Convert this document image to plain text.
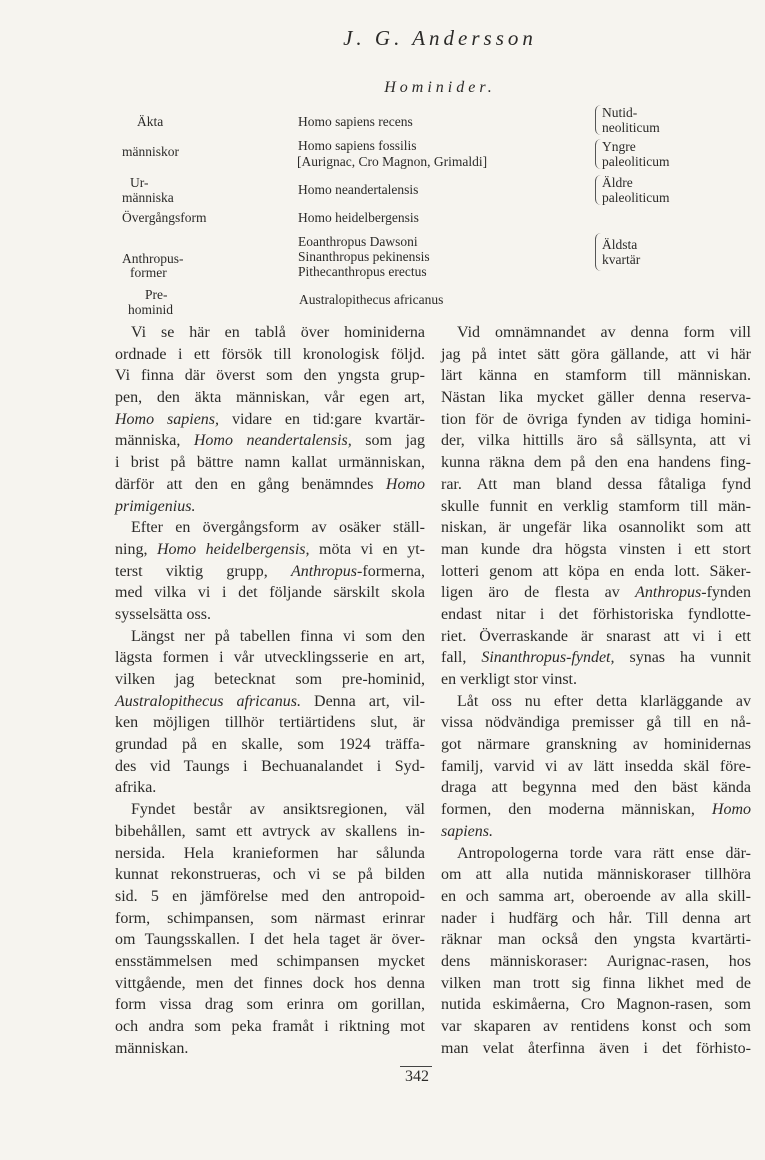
J. G. Andersson
Hominider.
Äkta
människor
Ur-
människa
Övergångsform
Anthropus-
former
Pre-
hominid
Homo sapiens recens
Homo sapiens fossilis
[Aurignac, Cro Magnon, Grimaldi]
Homo neandertalensis
Homo heidelbergensis
Eoanthropus Dawsoni
Sinanthropus pekinensis
Pithecanthropus erectus
Australopithecus africanus
Nutid-
neoliticum
Yngre
paleoliticum
Äldre
paleoliticum
Äldsta
kvartär
Vi se här en tablå över hominiderna
ordnade i ett försök till kronologisk följd.
Vi finna där överst som den yngsta grup-
pen, den äkta människan, vår egen art,
Homo sapiens, vidare en tid:gare kvartär-
människa, Homo neandertalensis, som jag
i brist på bättre namn kallat urmänniskan,
därför att den en gång benämndes Homo
primigenius.
Efter en övergångsform av osäker ställ-
ning, Homo heidelbergensis, möta vi en yt-
terst viktig grupp, Anthropus-formerna,
med vilka vi i det följande särskilt skola
sysselsätta oss.
Längst ner på tabellen finna vi som den
lägsta formen i vår utvecklingsserie en art,
vilken jag betecknat som pre-hominid,
Australopithecus africanus. Denna art, vil-
ken möjligen tillhör tertiärtidens slut, är
grundad på en skalle, som 1924 träffa-
des vid Taungs i Bechuanalandet i Syd-
afrika.
Fyndet består av ansiktsregionen, väl
bibehållen, samt ett avtryck av skallens in-
nersida. Hela kranieformen har sålunda
kunnat rekonstrueras, och vi se på bilden
sid. 5 en jämförelse med den antropoid-
form, schimpansen, som närmast erinrar
om Taungsskallen. I det hela taget är över-
ensstämmelsen med schimpansen mycket
vittgående, men det finnes dock hos denna
form vissa drag som erinra om gorillan,
och andra som peka framåt i riktning mot
människan.
Vid omnämnandet av denna form vill
jag på intet sätt göra gällande, att vi här
lärt känna en stamform till människan.
Nästan lika mycket gäller denna reserva-
tion för de övriga fynden av tidiga homini-
der, vilka hittills äro så sällsynta, att vi
kunna räkna dem på den ena handens fing-
rar. Att man bland dessa fåtaliga fynd
skulle funnit en verklig stamform till män-
niskan, är ungefär lika osannolikt som att
man kunde dra högsta vinsten i ett stort
lotteri genom att köpa en enda lott. Säker-
ligen äro de flesta av Anthropus-fynden
endast nitar i det förhistoriska fyndlotte-
riet. Överraskande är snarast att vi i ett
fall, Sinanthropus-fyndet, synas ha vunnit
en verkligt stor vinst.
Låt oss nu efter detta klarläggande av
vissa nödvändiga premisser gå till en nå-
got närmare granskning av hominidernas
familj, varvid vi av lätt insedda skäl före-
draga att begynna med den bäst kända
formen, den moderna människan, Homo
sapiens.
Antropologerna torde vara rätt ense där-
om att alla nutida människoraser tillhöra
en och samma art, oberoende av alla skill-
nader i hudfärg och hår. Till denna art
räknar man också den yngsta kvartärti-
dens människoraser: Aurignac-rasen, hos
vilken man trott sig finna likhet med de
nutida eskimåerna, Cro Magnon-rasen, som
var skaparen av rentidens konst och som
man velat återfinna även i det förhisto-
342
